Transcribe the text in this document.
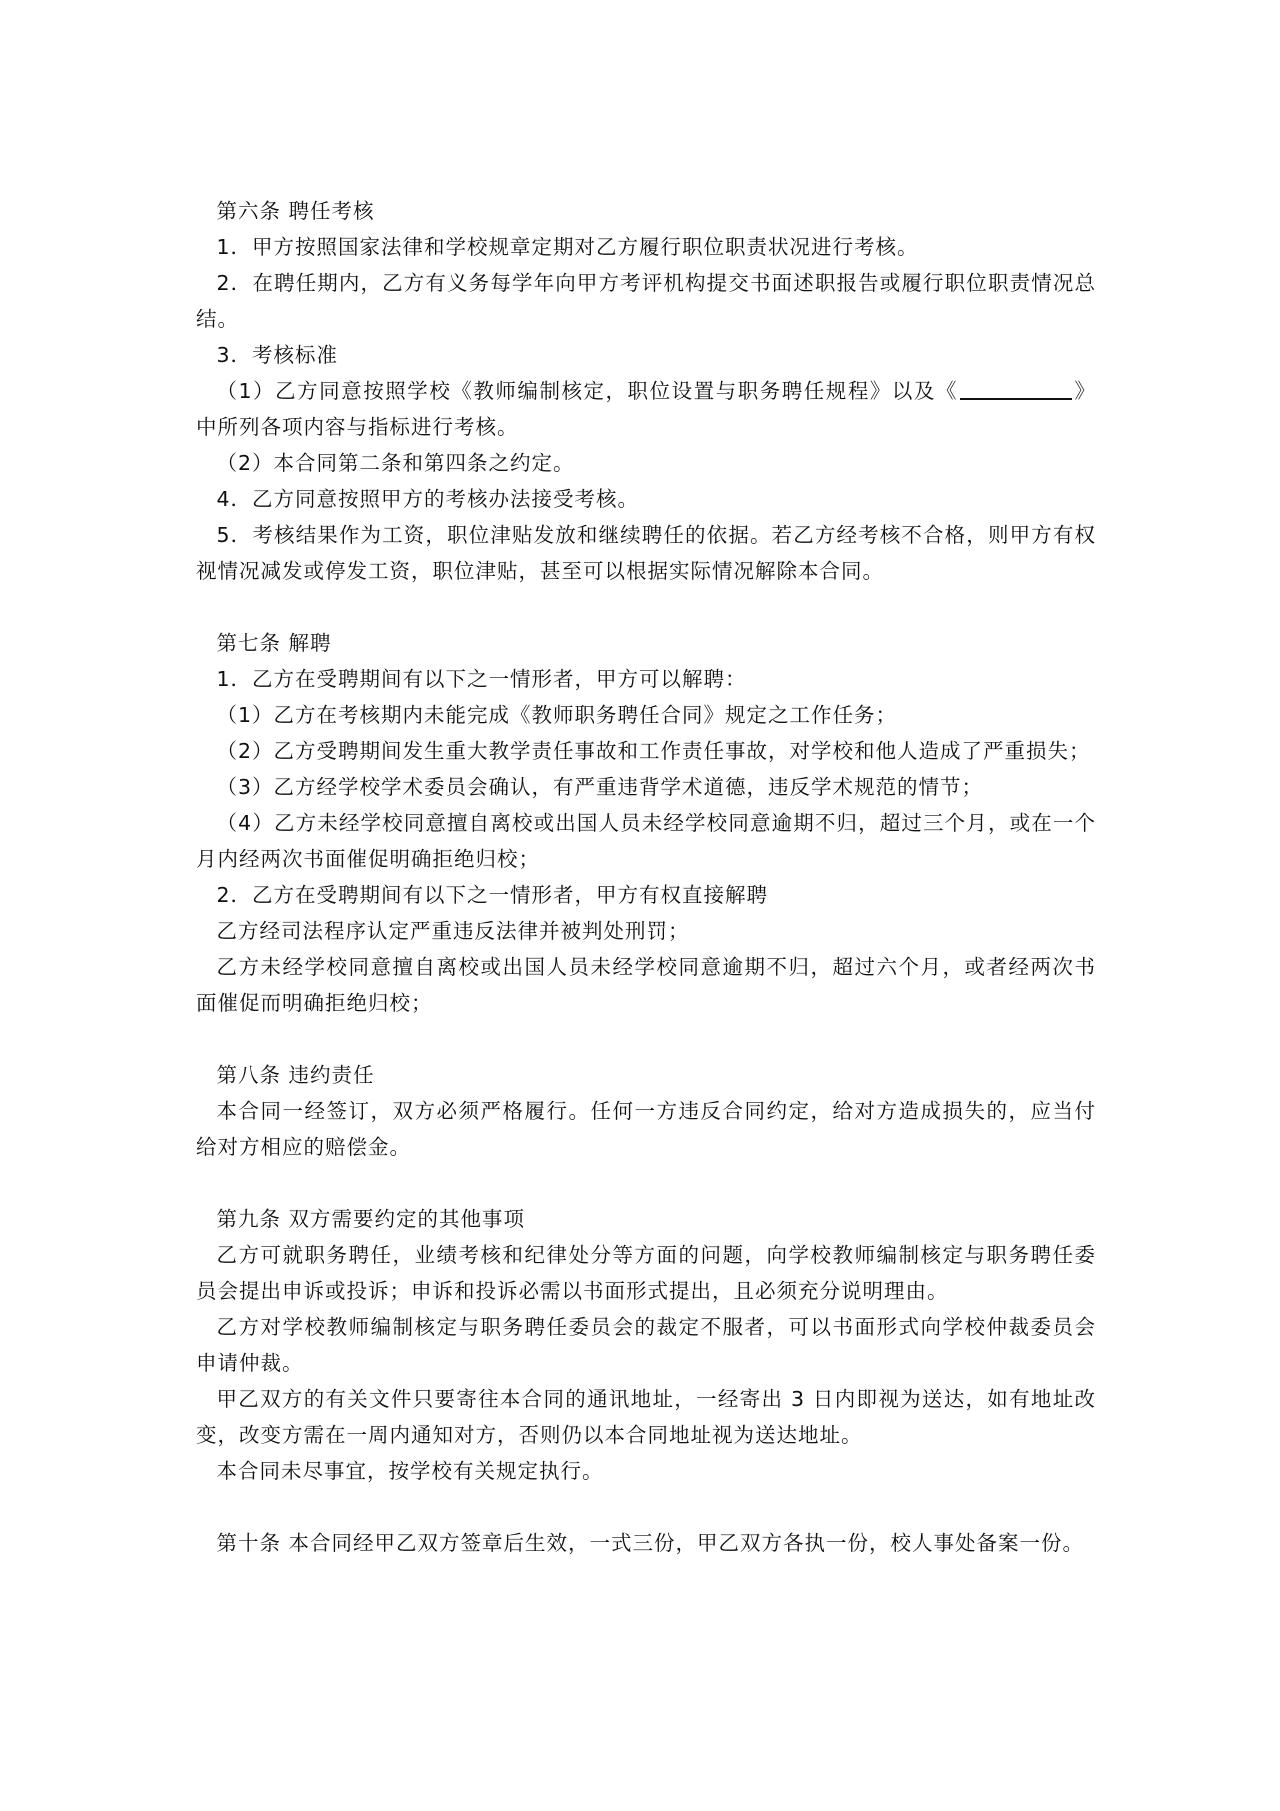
第六条 聘任考核

1．甲方按照国家法律和学校规章定期对乙方履行职位职责状况进行考核。

2．在聘任期内，乙方有义务每学年向甲方考评机构提交书面述职报告或履行职位职责情况总结。

3．考核标准

（1）乙方同意按照学校《教师编制核定，职位设置与职务聘任规程》以及《	》中所列各项内容与指标进行考核。

（2）本合同第二条和第四条之约定。

4．乙方同意按照甲方的考核办法接受考核。

5．考核结果作为工资，职位津贴发放和继续聘任的依据。若乙方经考核不合格，则甲方有权视情况减发或停发工资，职位津贴，甚至可以根据实际情况解除本合同。

第七条 解聘

1．乙方在受聘期间有以下之一情形者，甲方可以解聘：

（1）乙方在考核期内未能完成《教师职务聘任合同》规定之工作任务；

（2）乙方受聘期间发生重大教学责任事故和工作责任事故，对学校和他人造成了严重损失；

（3）乙方经学校学术委员会确认，有严重违背学术道德，违反学术规范的情节；

（4）乙方未经学校同意擅自离校或出国人员未经学校同意逾期不归，超过三个月，或在一个月内经两次书面催促明确拒绝归校；

2．乙方在受聘期间有以下之一情形者，甲方有权直接解聘

乙方经司法程序认定严重违反法律并被判处刑罚；

乙方未经学校同意擅自离校或出国人员未经学校同意逾期不归，超过六个月，或者经两次书面催促而明确拒绝归校；

第八条 违约责任

本合同一经签订，双方必须严格履行。任何一方违反合同约定，给对方造成损失的，应当付给对方相应的赔偿金。

第九条 双方需要约定的其他事项

乙方可就职务聘任，业绩考核和纪律处分等方面的问题，向学校教师编制核定与职务聘任委员会提出申诉或投诉；申诉和投诉必需以书面形式提出，且必须充分说明理由。

乙方对学校教师编制核定与职务聘任委员会的裁定不服者，可以书面形式向学校仲裁委员会申请仲裁。

甲乙双方的有关文件只要寄往本合同的通讯地址，一经寄出 3 日内即视为送达，如有地址改变，改变方需在一周内通知对方，否则仍以本合同地址视为送达地址。

本合同未尽事宜，按学校有关规定执行。

第十条 本合同经甲乙双方签章后生效，一式三份，甲乙双方各执一份，校人事处备案一份。
